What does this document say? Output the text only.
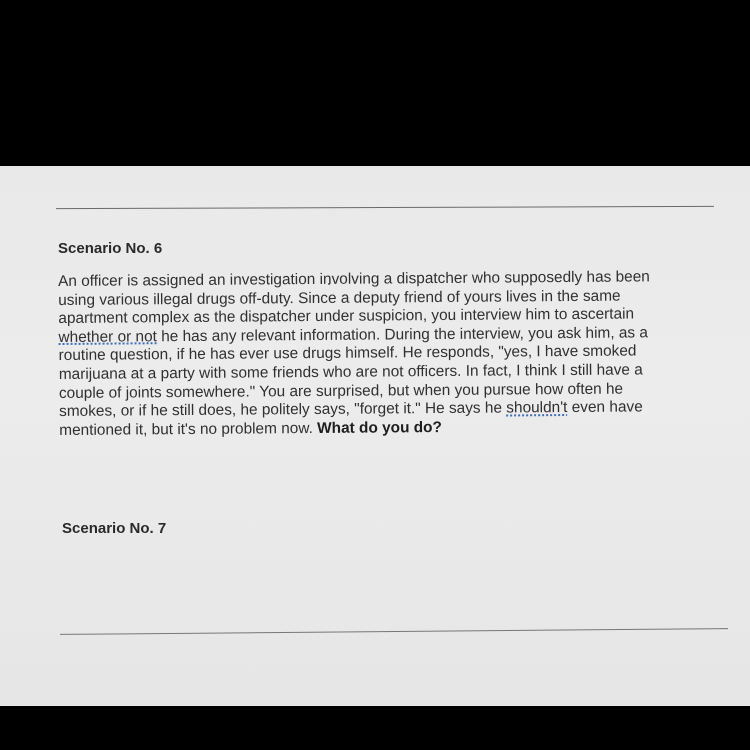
Scenario No. 6

An officer is assigned an investigation involving a dispatcher who supposedly has been
using various illegal drugs off-duty. Since a deputy friend of yours lives in the same
apartment complex as the dispatcher under suspicion, you interview him to ascertain
whether or not he has any relevant information. During the interview, you ask him, as a
routine question, if he has ever use drugs himself. He responds, "yes, I have smoked
marijuana at a party with some friends who are not officers. In fact, I think I still have a
couple of joints somewhere." You are surprised, but when you pursue how often he
smokes, or if he still does, he politely says, "forget it." He says he shouldn't even have
mentioned it, but it's no problem now. What do you do?

Scenario No. 7
